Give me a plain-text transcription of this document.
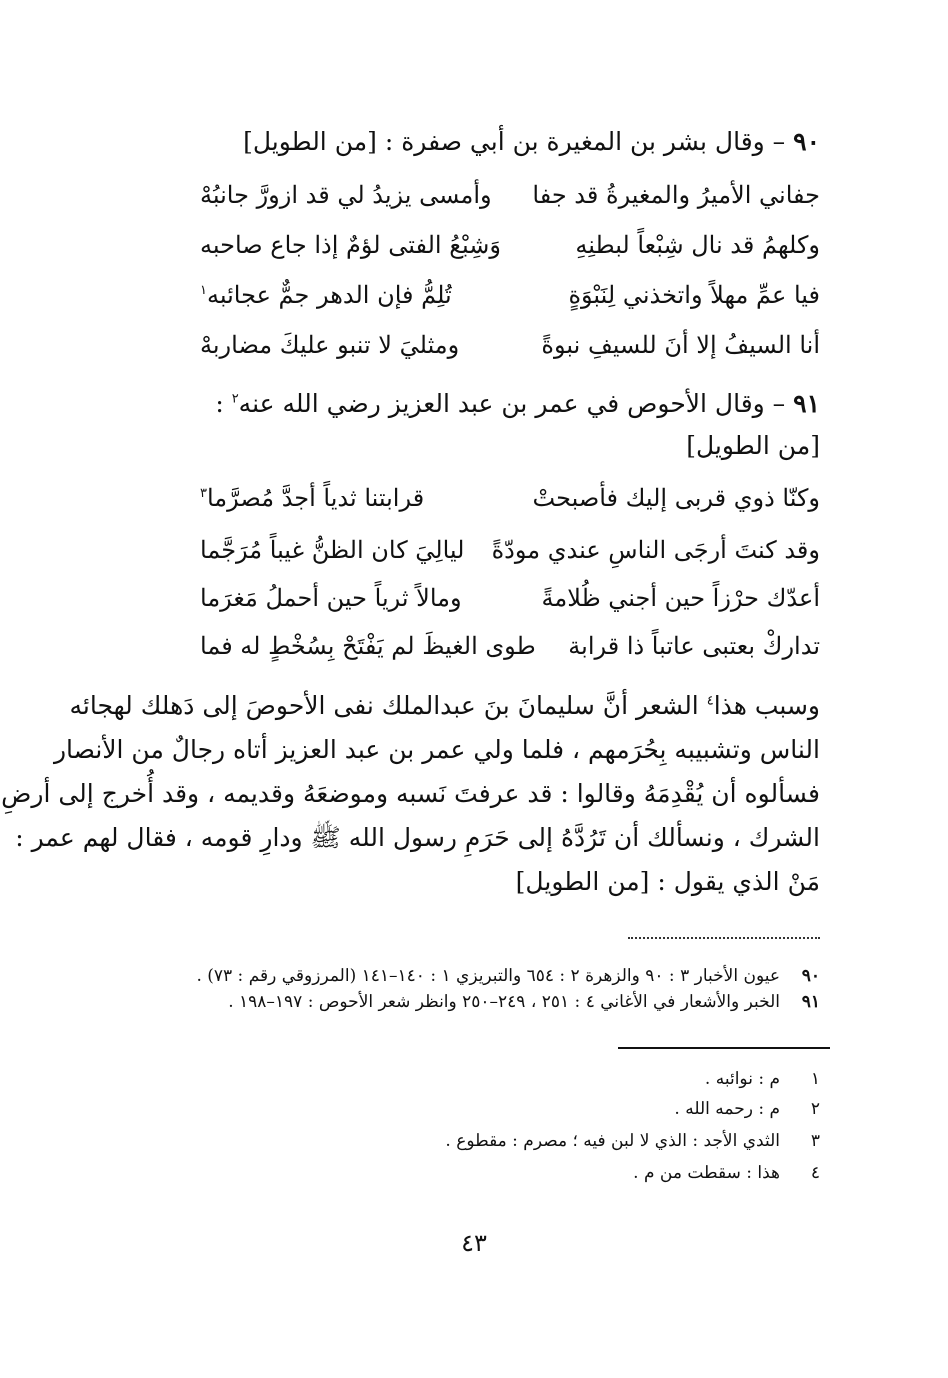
٩٠ – وقال بشر بن المغيرة بن أبي صفرة : [من الطويل]
جفاني الأميرُ والمغيرةُ قد جفا
وأمسى يزيدُ لي قد ازورَّ جانبُهْ
وكلهمُ قد نال شِبْعاً لبطنِهِ
وَشِبْعُ الفتى لؤمٌ إذا جاع صاحبه
فيا عمِّ مهلاً واتخذني لِنَبْوَةٍ
تُلِمُّ فإن الدهر جمٌّ عجائبه$^١$
أنا السيفُ إلا أنَ للسيفِ نبوةً
ومثليَ لا تنبو عليكَ مضاربهْ
٩١ – وقال الأحوص في عمر بن عبد العزيز رضي الله عنه$^٢$ :
[من الطويل]
وكنّا ذوي قربى إليك فأصبحتْ
قرابتنا ثدياً أجدَّ مُصرَّما$^٣$
وقد كنتَ أرجَى الناسِ عندي مودّةً
ليالِيَ كان الظنُّ غيباً مُرَجَّما
أعدّك حرْزاً حين أجني ظُلامةً
ومالاً ثرياً حين أحملُ مَغرَما
تداركْ بعتبى عاتباً ذا قرابة
طوى الغيظَ لم يَفْتَحْ بِسُخْطٍ له فما
وسبب هذا$^٤$ الشعر أنَّ سليمانَ بنَ عبدالملك نفى الأحوصَ إلى دَهلك لهجائه
الناس وتشبيبه بِحُرَمهم ، فلما ولي عمر بن عبد العزيز أتاه رجالٌ من الأنصار
فسألوه أن يُقْدِمَهُ وقالوا : قد عرفتَ نَسبه وموضعَهُ وقديمه ، وقد أُخرج إلى أرضِ
الشرك ، ونسألك أن تَرُدَّهُ إلى حَرَمِ رسول الله ﷺ ودارِ قومه ، فقال لهم عمر :
مَنْ الذي يقول : [من الطويل]
٩٠عيون الأخبار ٣ : ٩٠ والزهرة ٢ : ٦٥٤ والتبريزي ١ : ١٤٠–١٤١ (المرزوقي رقم : ٧٣) .
٩١الخبر والأشعار في الأغاني ٤ : ٢٥١ ، ٢٤٩–٢٥٠ وانظر شعر الأحوص : ١٩٧–١٩٨ .
١م : نوائبه .
٢م : رحمه الله .
٣الثدي الأجد : الذي لا لبن فيه ؛ مصرم : مقطوع .
٤هذا : سقطت من م .
٤٣
